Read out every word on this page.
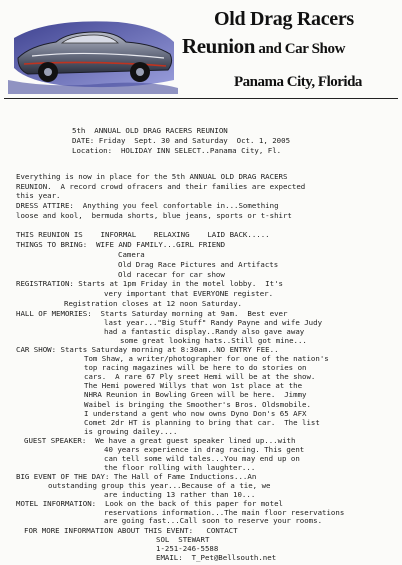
Old Drag Racers
Reunion and Car Show
Panama City, Florida
5th  ANNUAL OLD DRAG RACERS REUNION
DATE: Friday  Sept. 30 and Saturday  Oct. 1, 2005
Location:  HOLIDAY INN SELECT..Panama City, Fl.
Everything is now in place for the 5th ANNUAL OLD DRAG RACERS
REUNION.  A record crowd ofracers and their families are expected
this year.
DRESS ATTIRE:  Anything you feel confortable in...Something
loose and kool,  bermuda shorts, blue jeans, sports or t-shirt
THIS REUNION IS    INFORMAL    RELAXING    LAID BACK.....
THINGS TO BRING:  WIFE AND FAMILY...GIRL FRIEND
Camera
Old Drag Race Pictures and Artifacts
Old racecar for car show
REGISTRATION: Starts at 1pm Friday in the motel lobby.  It's
very important that EVERYONE register.
Registration closes at 12 noon Saturday.
HALL OF MEMORIES:  Starts Saturday morning at 9am.  Best ever
last year..."Big Stuff" Randy Payne and wife Judy
had a fantastic display..Randy also gave away
some great looking hats..Still got mine...
CAR SHOW: Starts Saturday morning at 8:30am..NO ENTRY FEE..
Tom Shaw, a writer/photographer for one of the nation's
top racing magazines will be here to do stories on
cars.  A rare 67 Ply sreet Hemi will be at the show.
The Hemi powered Willys that won 1st place at the
NHRA Reunion in Bowling Green will be here.  Jimmy
Waibel is bringing the Smoother's Bros. Oldsmobile.
I understand a gent who now owns Dyno Don's 65 AFX
Comet 2dr HT is planning to bring that car.  The list
is growing dailey....
GUEST SPEAKER:  We have a great guest speaker lined up...with
40 years experience in drag racing. This gent
can tell some wild tales...You may end up on
the floor rolling with laughter...
BIG EVENT OF THE DAY: The Hall of Fame Inductions...An
outstanding group this year...Because of a tie, we
are inducting 13 rather than 10...
MOTEL INFORMATION:  Look on the back of this paper for motel
reservations information...The main floor reservations
are going fast...Call soon to reserve your rooms.
FOR MORE INFORMATION ABOUT THIS EVENT:   CONTACT
SOL  STEWART
1-251-246-5588
EMAIL:  T_Pet@Bellsouth.net
